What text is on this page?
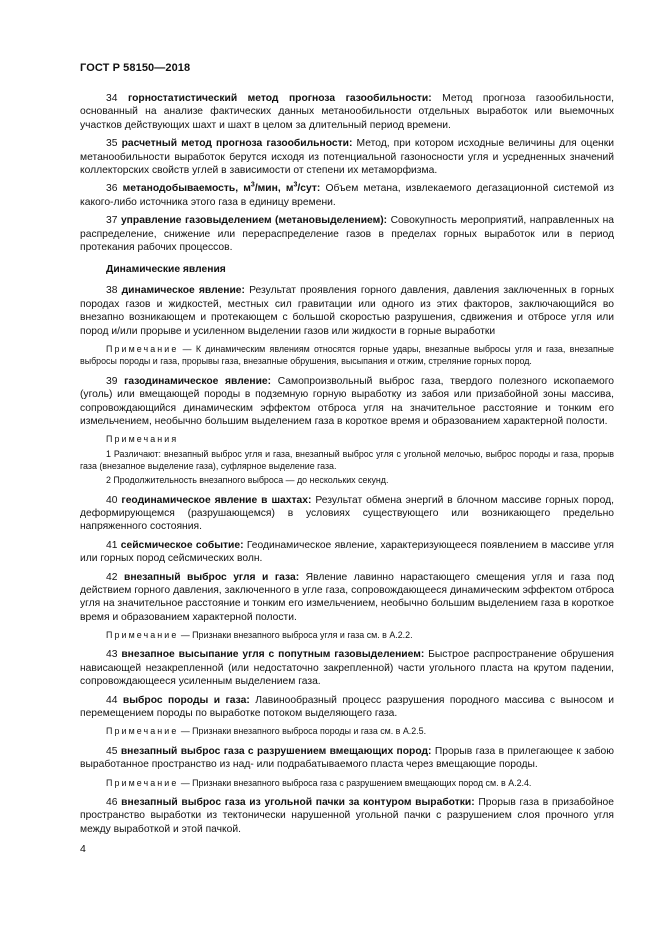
ГОСТ Р 58150—2018

34 горностатистический метод прогноза газообильности: Метод прогноза газообильности, основанный на анализе фактических данных метанообильности отдельных выработок или выемочных участков действующих шахт и шахт в целом за длительный период времени.

35 расчетный метод прогноза газообильности: Метод, при котором исходные величины для оценки метанообильности выработок берутся исходя из потенциальной газоносности угля и усредненных значений коллекторских свойств углей в зависимости от степени их метаморфизма.

36 метанодобываемость, $м^3$/мин, $м^3$/сут: Объем метана, извлекаемого дегазационной системой из какого-либо источника этого газа в единицу времени.

37 управление газовыделением (метановыделением): Совокупность мероприятий, направленных на распределение, снижение или перераспределение газов в пределах горных выработок или в период протекания рабочих процессов.

Динамические явления

38 динамическое явление: Результат проявления горного давления, давления заключенных в горных породах газов и жидкостей, местных сил гравитации или одного из этих факторов, заключающийся во внезапно возникающем и протекающем с большой скоростью разрушения, сдвижения и отбросе угля или пород и/или прорыве и усиленном выделении газов или жидкости в горные выработки

Примечание — К динамическим явлениям относятся горные удары, внезапные выбросы угля и газа, внезапные выбросы породы и газа, прорывы газа, внезапные обрушения, высыпания и отжим, стреляние горных пород.

39 газодинамическое явление: Самопроизвольный выброс газа, твердого полезного ископаемого (уголь) или вмещающей породы в подземную горную выработку из забоя или призабойной зоны массива, сопровождающийся динамическим эффектом отброса угля на значительное расстояние и тонким его измельчением, необычно большим выделением газа в короткое время и образованием характерной полости.

Примечания

1 Различают: внезапный выброс угля и газа, внезапный выброс угля с угольной мелочью, выброс породы и газа, прорыв газа (внезапное выделение газа), суфлярное выделение газа.

2 Продолжительность внезапного выброса — до нескольких секунд.

40 геодинамическое явление в шахтах: Результат обмена энергий в блочном массиве горных пород, деформирующемся (разрушающемся) в условиях существующего или возникающего предельно напряженного состояния.

41 сейсмическое событие: Геодинамическое явление, характеризующееся появлением в массиве угля или горных пород сейсмических волн.

42 внезапный выброс угля и газа: Явление лавинно нарастающего смещения угля и газа под действием горного давления, заключенного в угле газа, сопровождающееся динамическим эффектом отброса угля на значительное расстояние и тонким его измельчением, необычно большим выделением газа в короткое время и образованием характерной полости.

Примечание — Признаки внезапного выброса угля и газа см. в А.2.2.

43 внезапное высыпание угля с попутным газовыделением: Быстрое распространение обрушения нависающей незакрепленной (или недостаточно закрепленной) части угольного пласта на крутом падении, сопровождающееся усиленным выделением газа.

44 выброс породы и газа: Лавинообразный процесс разрушения породного массива с выносом и перемещением породы по выработке потоком выделяющего газа.

Примечание — Признаки внезапного выброса породы и газа см. в А.2.5.

45 внезапный выброс газа с разрушением вмещающих пород: Прорыв газа в прилегающее к забою выработанное пространство из над- или подрабатываемого пласта через вмещающие породы.

Примечание — Признаки внезапного выброса газа с разрушением вмещающих пород см. в А.2.4.

46 внезапный выброс газа из угольной пачки за контуром выработки: Прорыв газа в призабойное пространство выработки из тектонически нарушенной угольной пачки с разрушением слоя прочного угля между выработкой и этой пачкой.

4
